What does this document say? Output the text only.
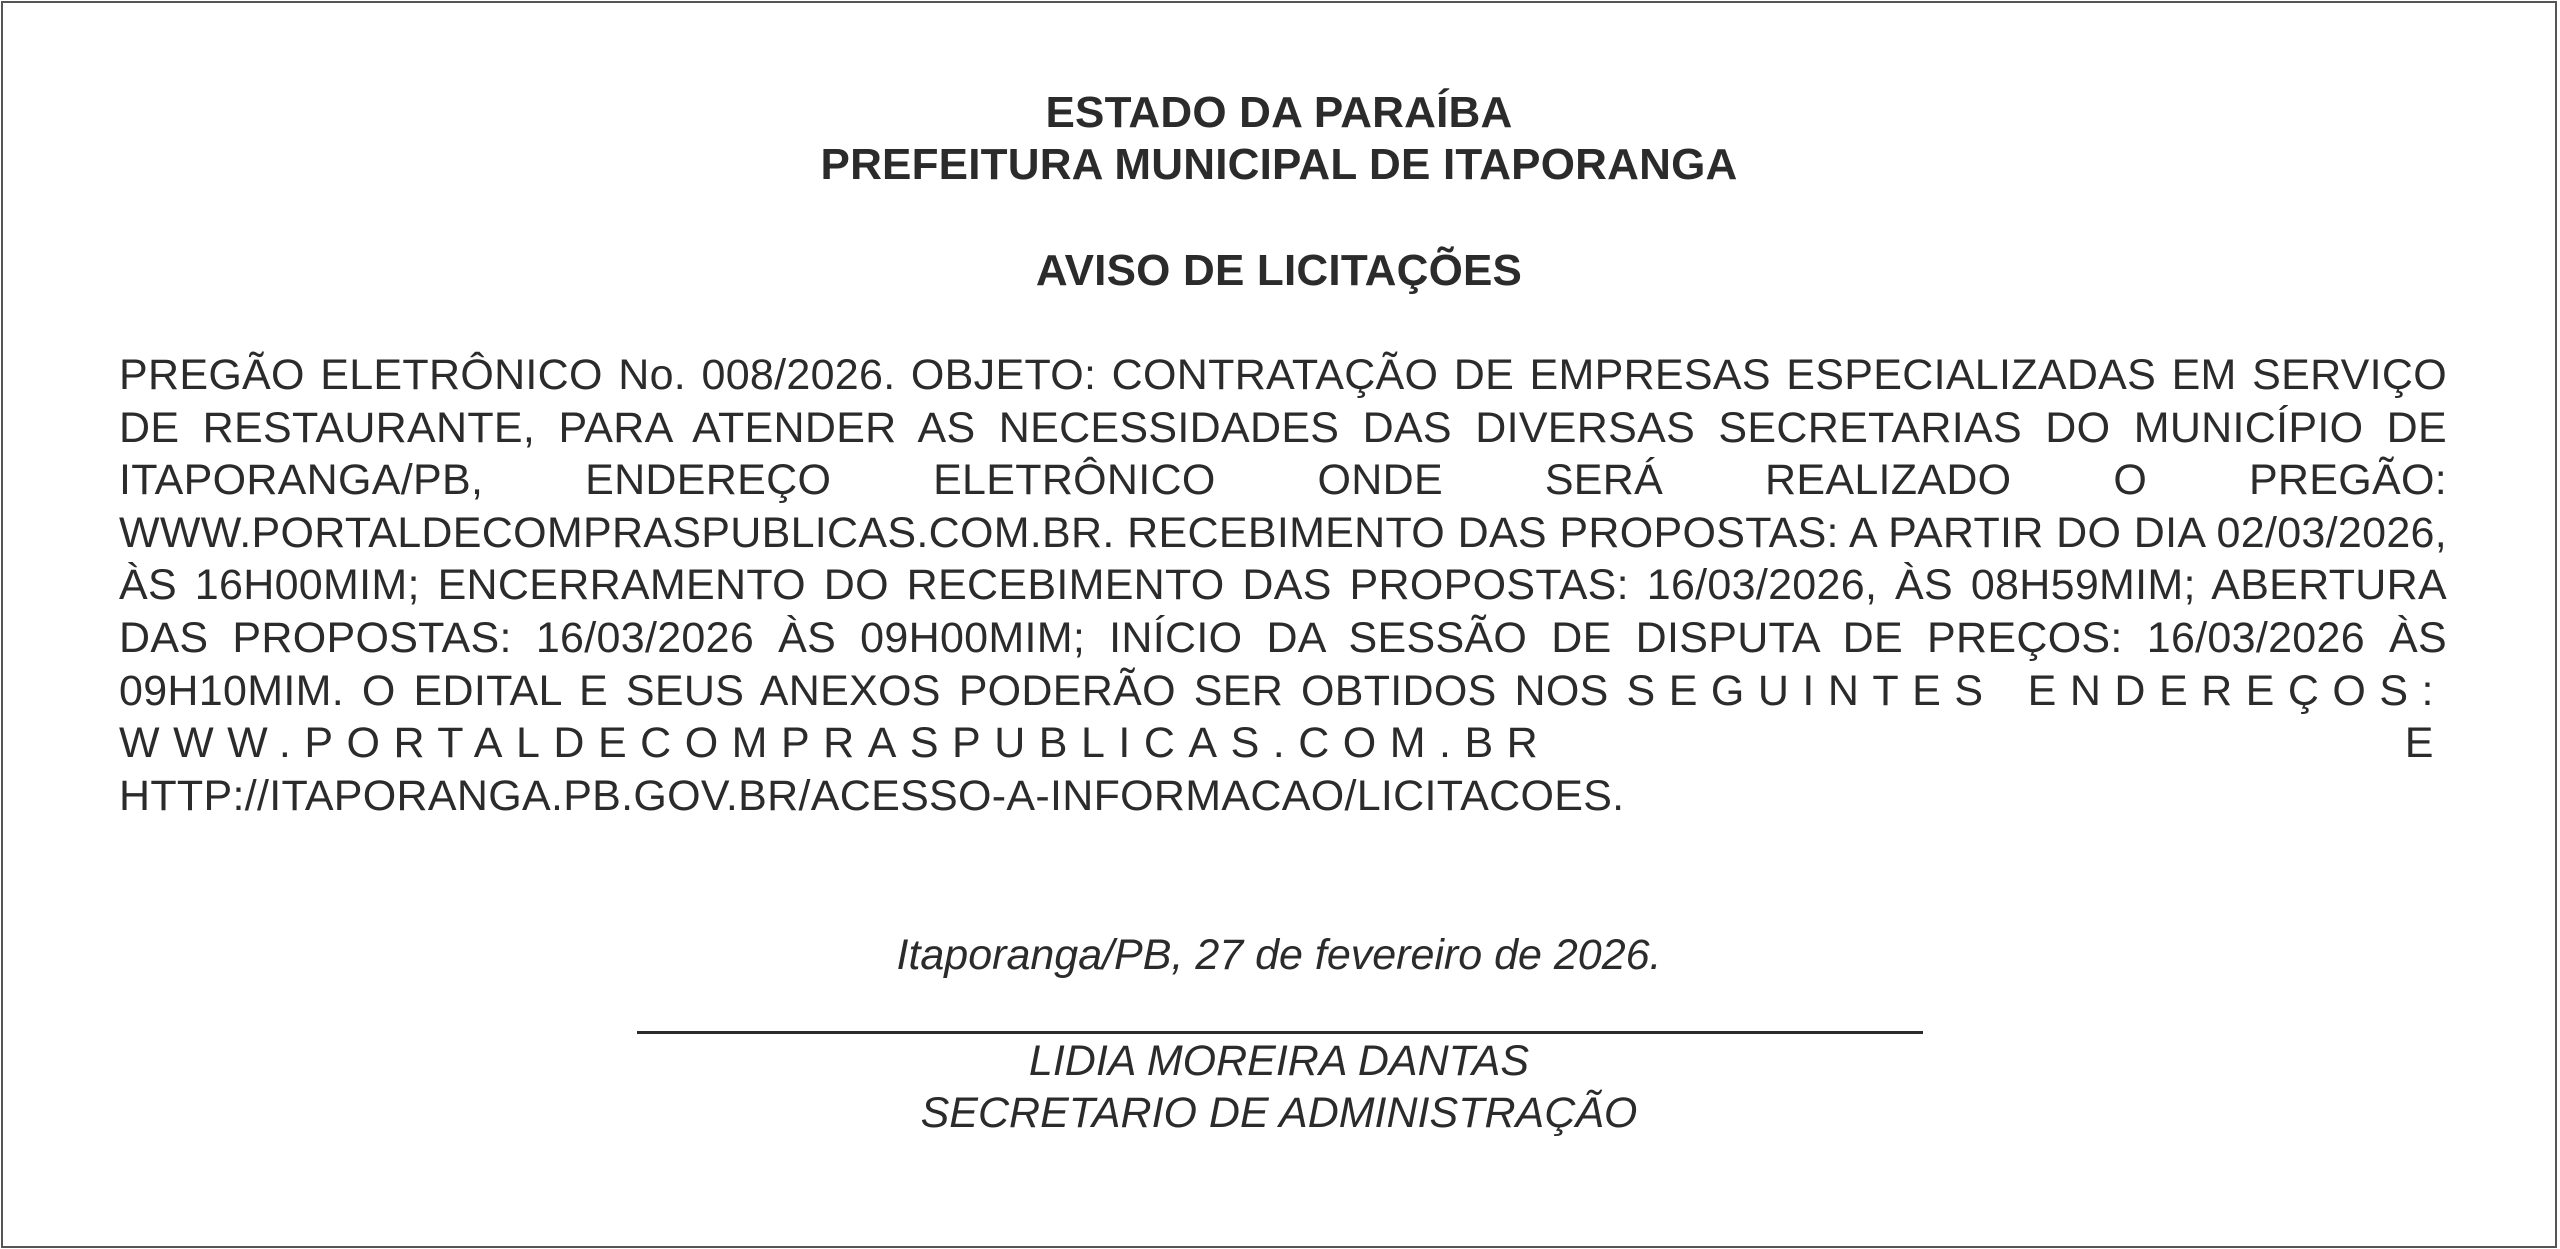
ESTADO DA PARAÍBA
PREFEITURA MUNICIPAL DE ITAPORANGA
AVISO DE LICITAÇÕES
PREGÃO ELETRÔNICO No. 008/2026. OBJETO: CONTRATAÇÃO DE EMPRESAS ESPECIALIZADAS EM SERVIÇO DE RESTAURANTE, PARA ATENDER AS NECESSIDADES DAS DIVERSAS SECRETARIAS DO MUNICÍPIO DE ITAPORANGA/PB, ENDEREÇO ELETRÔNICO ONDE SERÁ REALIZADO O PREGÃO: WWW.PORTALDECOMPRASPUBLICAS.COM.BR. RECEBIMENTO DAS PROPOSTAS: A PARTIR DO DIA 02/03/2026, ÀS 16H00MIM; ENCERRAMENTO DO RECEBIMENTO DAS PROPOSTAS: 16/03/2026, ÀS 08H59MIM; ABERTURA DAS PROPOSTAS: 16/03/2026 ÀS 09H00MIM; INÍCIO DA SESSÃO DE DISPUTA DE PREÇOS: 16/03/2026 ÀS 09H10MIM. O EDITAL E SEUS ANEXOS PODERÃO SER OBTIDOS NOS SEGUINTES ENDEREÇOS: WWW.PORTALDECOMPRASPUBLICAS.COM.BR E HTTP://ITAPORANGA.PB.GOV.BR/ACESSO-A-INFORMACAO/LICITACOES.
Itaporanga/PB, 27 de fevereiro de 2026.
LIDIA MOREIRA DANTAS
SECRETARIO DE ADMINISTRAÇÃO
